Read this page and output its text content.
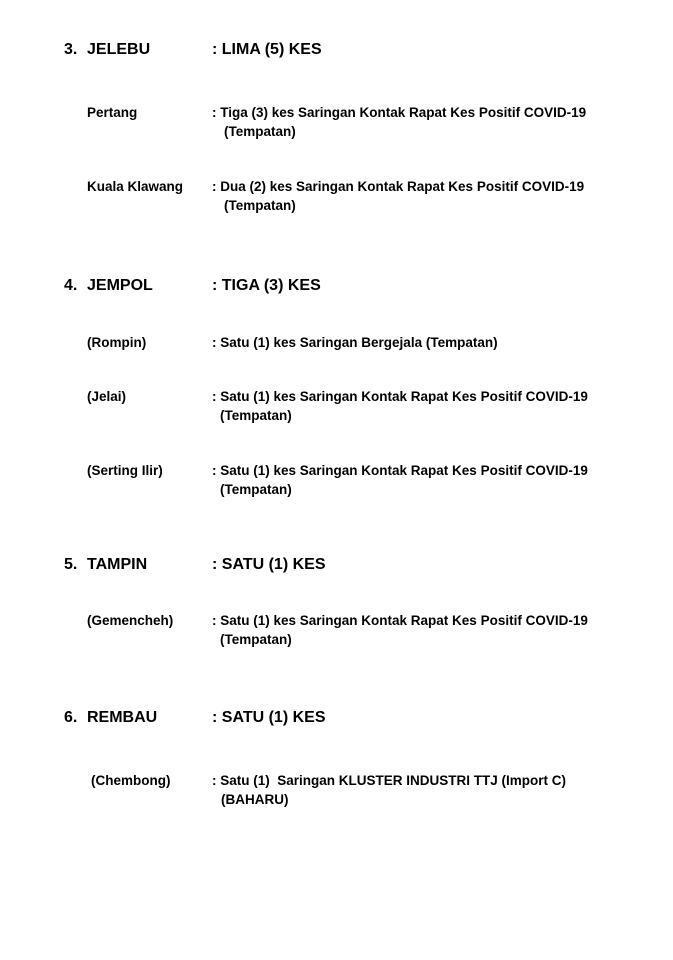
3. JELEBU	: LIMA (5) KES
Pertang	: Tiga (3) kes Saringan Kontak Rapat Kes Positif COVID-19
(Tempatan)
Kuala Klawang : Dua (2) kes Saringan Kontak Rapat Kes Positif COVID-19
(Tempatan)
4. JEMPOL	: TIGA (3) KES
(Rompin)	: Satu (1) kes Saringan Bergejala (Tempatan)
(Jelai)	: Satu (1) kes Saringan Kontak Rapat Kes Positif COVID-19
(Tempatan)
(Serting Ilir)	: Satu (1) kes Saringan Kontak Rapat Kes Positif COVID-19
(Tempatan)
5. TAMPIN	: SATU (1) KES
(Gemencheh)	: Satu (1) kes Saringan Kontak Rapat Kes Positif COVID-19
(Tempatan)
6. REMBAU	: SATU (1) KES
(Chembong)	: Satu (1)  Saringan KLUSTER INDUSTRI TTJ (Import C)
(BAHARU)
